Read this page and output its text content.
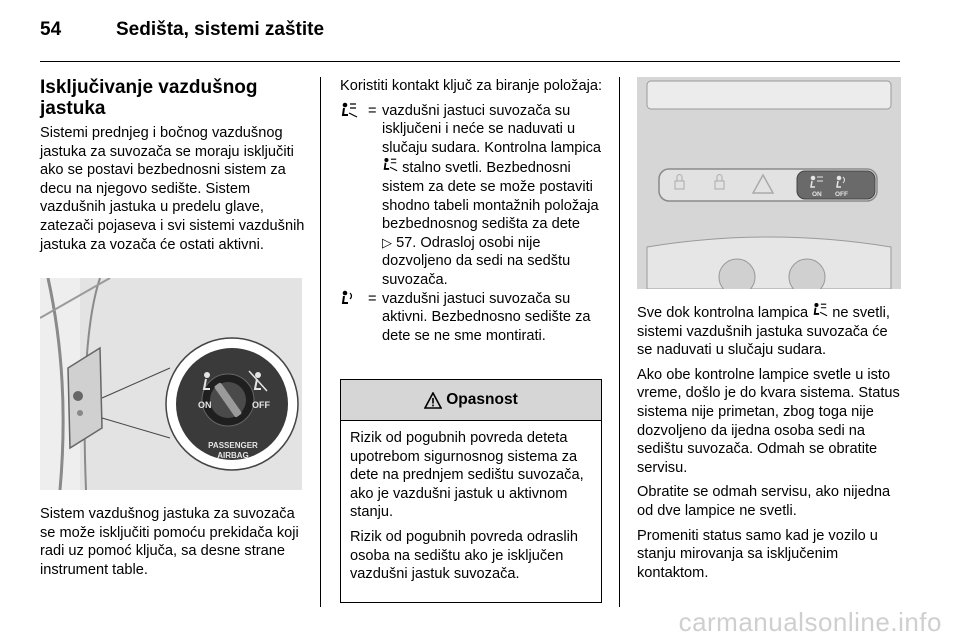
54	Sedišta, sistemi zaštite
Isključivanje vazdušnog jastuka

Sistemi prednjeg i bočnog vazdušnog jastuka za suvozača se moraju isključiti ako se postavi bezbednosni sistem za decu na njegovo sedište. Sistem vazdušnih jastuka u predelu glave, zatezači pojaseva i svi sistemi vazdušnih jastuka za vozača će ostati aktivni.

ON	OFF
PASSENGER
AIRBAG
Sistem vazdušnog jastuka za suvozača se može isključiti pomoću prekidača koji radi uz pomoć ključa, sa desne strane instrument table.

Koristiti kontakt ključ za biranje položaja:

= vazdušni jastuci suvozača su isključeni i neće se naduvati u slučaju sudara. Kontrolna lampica  stalno svetli. Bezbednosni sistem za dete se može postaviti shodno tabeli montažnih položaja bezbednosnog sedišta za dete
▷ 57. Odrasloj osobi nije dozvoljeno da sedi na sedštu suvozača.
= vazdušni jastuci suvozača su aktivni. Bezbednosno sedište za dete se ne sme montirati.
Opasnost

Rizik od pogubnih povreda deteta upotrebom sigurnosnog sistema za dete na prednjem sedištu suvozača, ako je vazdušni jastuk u aktivnom stanju.

Rizik od pogubnih povreda odraslih osoba na sedištu ako je isključen vazdušni jastuk suvozača.

ON OFF

Sve dok kontrolna lampica ne svetli, sistemi vazdušnih jastuka suvozača će se naduvati u slučaju sudara.

Ako obe kontrolne lampice svetle u isto vreme, došlo je do kvara sistema. Status sistema nije primetan, zbog toga nije dozvoljeno da ijedna osoba sedi na sedištu suvozača. Odmah se obratite servisu.

Obratite se odmah servisu, ako nijedna od dve lampice ne svetli.

Promeniti status samo kad je vozilo u stanju mirovanja sa isključenim kontaktom.

carmanualsonline.info
